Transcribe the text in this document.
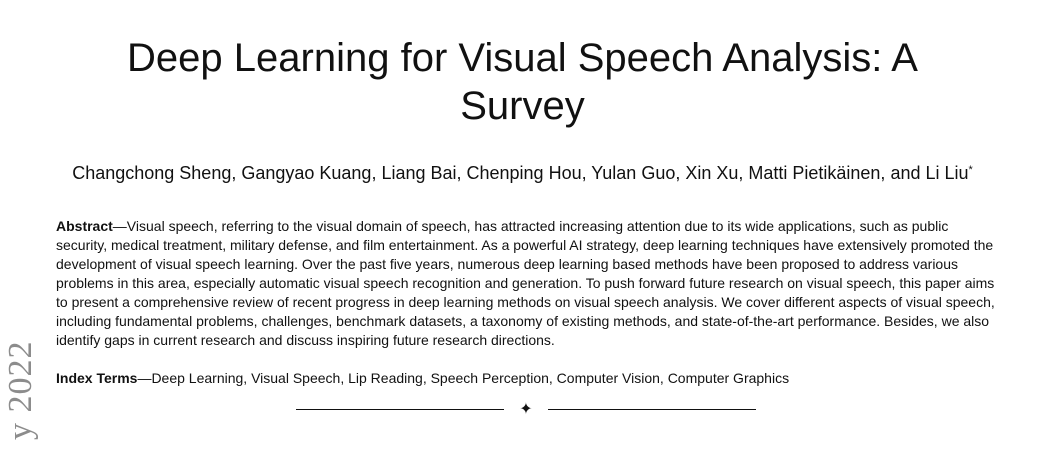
Deep Learning for Visual Speech Analysis: A
Survey
Changchong Sheng, Gangyao Kuang, Liang Bai, Chenping Hou, Yulan Guo, Xin Xu, Matti Pietikäinen, and Li Liu*
Abstract—Visual speech, referring to the visual domain of speech, has attracted increasing attention due to its wide applications, such as public security, medical treatment, military defense, and film entertainment. As a powerful AI strategy, deep learning techniques have extensively promoted the development of visual speech learning. Over the past five years, numerous deep learning based methods have been proposed to address various problems in this area, especially automatic visual speech recognition and generation. To push forward future research on visual speech, this paper aims to present a comprehensive review of recent progress in deep learning methods on visual speech analysis. We cover different aspects of visual speech, including fundamental problems, challenges, benchmark datasets, a taxonomy of existing methods, and state-of-the-art performance. Besides, we also identify gaps in current research and discuss inspiring future research directions.
Index Terms—Deep Learning, Visual Speech, Lip Reading, Speech Perception, Computer Vision, Computer Graphics
✦
y 2022
